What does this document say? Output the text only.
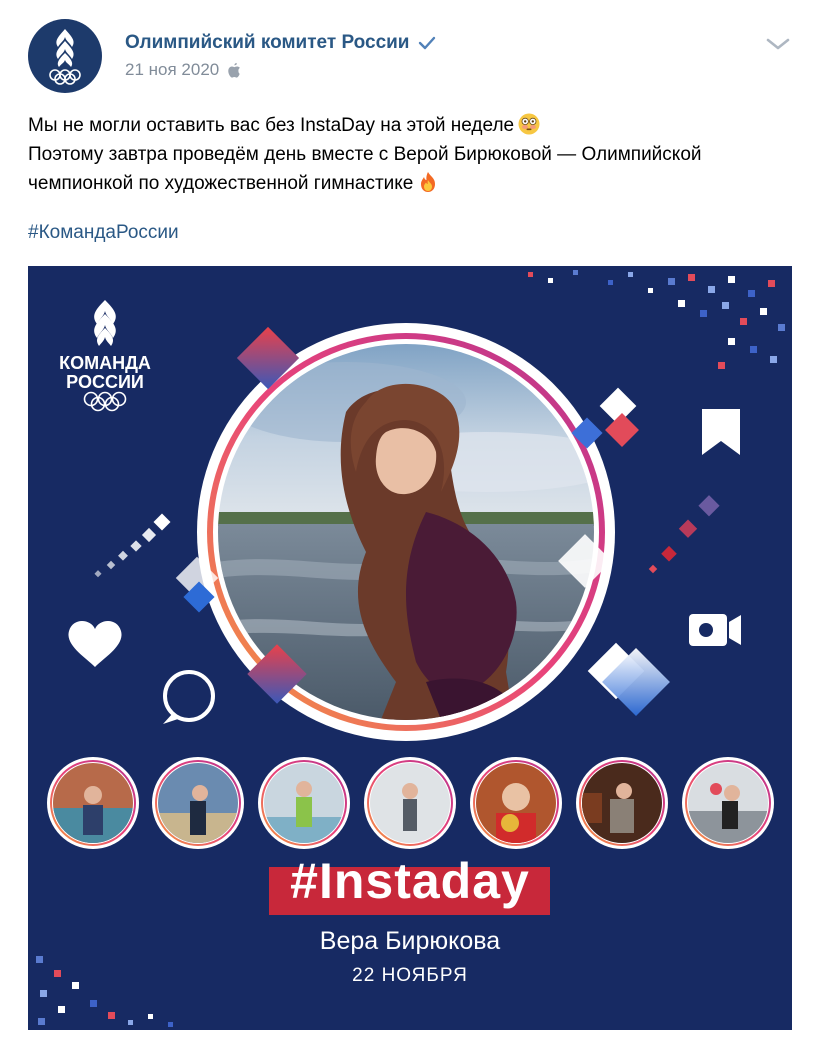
Олимпийский комитет России
21 ноя 2020
Мы не могли оставить вас без InstaDay на этой неделе
Поэтому завтра проведём день вместе с Верой Бирюковой — Олимпийской
чемпионкой по художественной гимнастике
#КомандаРоссии
КОМАНДА
РОССИИ
#Instaday
Вера Бирюкова
22 НОЯБРЯ
